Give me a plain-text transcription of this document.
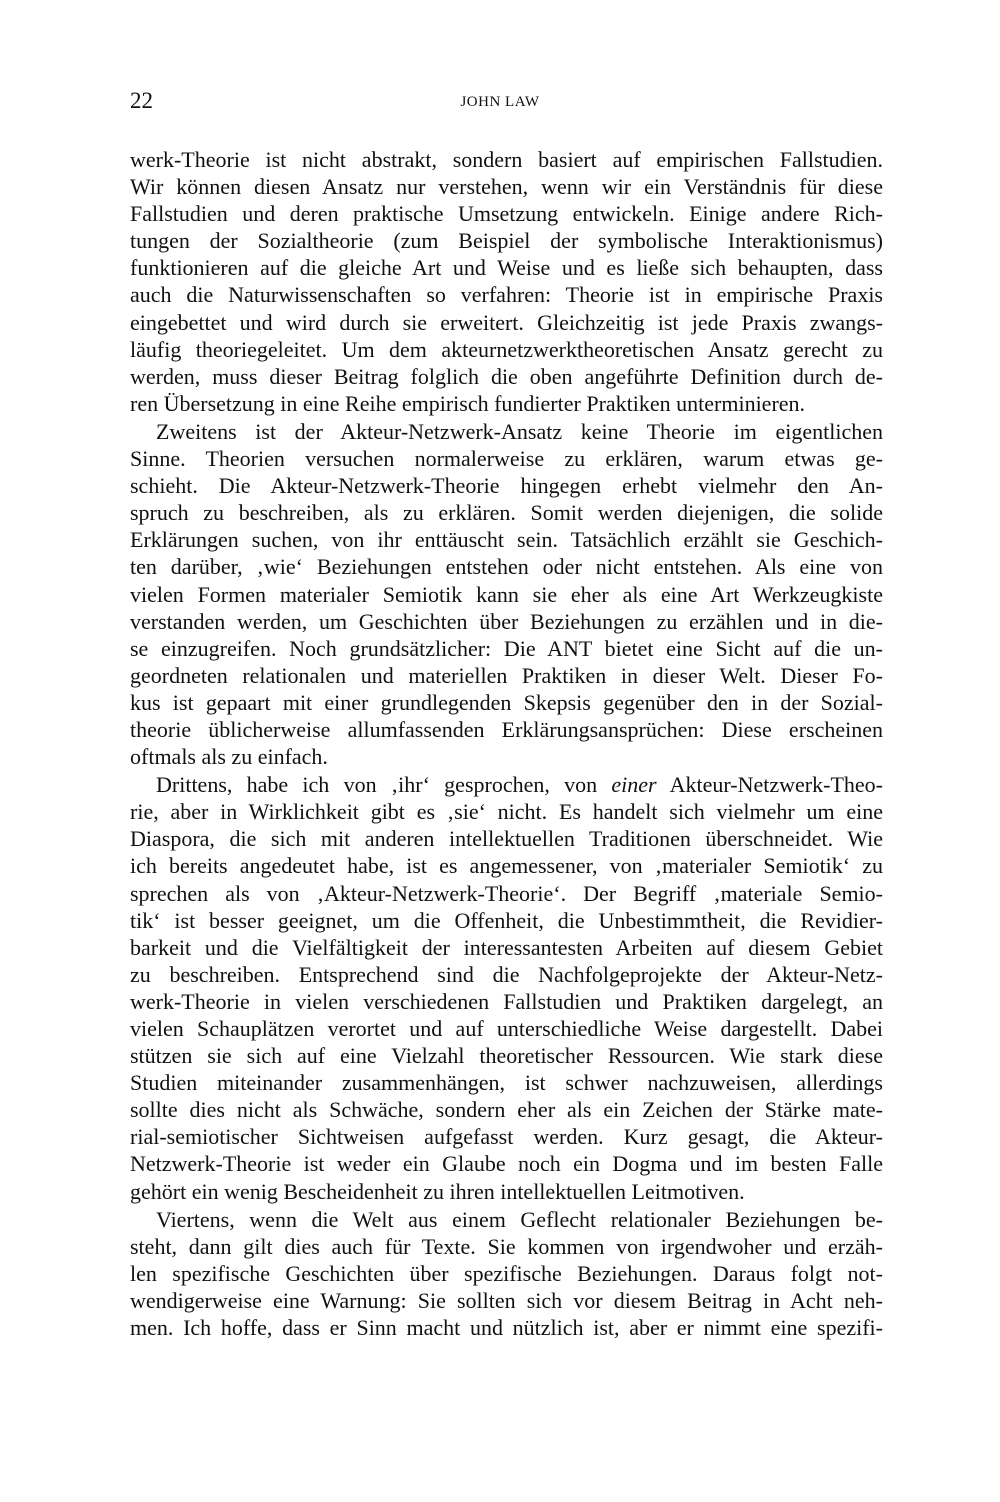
22	JOHN LAW

werk-Theorie ist nicht abstrakt, sondern basiert auf empirischen Fallstudien.
Wir können diesen Ansatz nur verstehen, wenn wir ein Verständnis für diese
Fallstudien und deren praktische Umsetzung entwickeln. Einige andere Rich-
tungen der Sozialtheorie (zum Beispiel der symbolische Interaktionismus)
funktionieren auf die gleiche Art und Weise und es ließe sich behaupten, dass
auch die Naturwissenschaften so verfahren: Theorie ist in empirische Praxis
eingebettet und wird durch sie erweitert. Gleichzeitig ist jede Praxis zwangs-
läufig theoriegeleitet. Um dem akteurnetzwerktheoretischen Ansatz gerecht zu
werden, muss dieser Beitrag folglich die oben angeführte Definition durch de-
ren Übersetzung in eine Reihe empirisch fundierter Praktiken unterminieren.

Zweitens ist der Akteur-Netzwerk-Ansatz keine Theorie im eigentlichen
Sinne. Theorien versuchen normalerweise zu erklären, warum etwas ge-
schieht. Die Akteur-Netzwerk-Theorie hingegen erhebt vielmehr den An-
spruch zu beschreiben, als zu erklären. Somit werden diejenigen, die solide
Erklärungen suchen, von ihr enttäuscht sein. Tatsächlich erzählt sie Geschich-
ten darüber, ‚wie‘ Beziehungen entstehen oder nicht entstehen. Als eine von
vielen Formen materialer Semiotik kann sie eher als eine Art Werkzeugkiste
verstanden werden, um Geschichten über Beziehungen zu erzählen und in die-
se einzugreifen. Noch grundsätzlicher: Die ANT bietet eine Sicht auf die un-
geordneten relationalen und materiellen Praktiken in dieser Welt. Dieser Fo-
kus ist gepaart mit einer grundlegenden Skepsis gegenüber den in der Sozial-
theorie üblicherweise allumfassenden Erklärungsansprüchen: Diese erscheinen
oftmals als zu einfach.

Drittens, habe ich von ‚ihr‘ gesprochen, von einer Akteur-Netzwerk-Theo-
rie, aber in Wirklichkeit gibt es ‚sie‘ nicht. Es handelt sich vielmehr um eine
Diaspora, die sich mit anderen intellektuellen Traditionen überschneidet. Wie
ich bereits angedeutet habe, ist es angemessener, von ‚materialer Semiotik‘ zu
sprechen als von ‚Akteur-Netzwerk-Theorie‘. Der Begriff ‚materiale Semio-
tik‘ ist besser geeignet, um die Offenheit, die Unbestimmtheit, die Revidier-
barkeit und die Vielfältigkeit der interessantesten Arbeiten auf diesem Gebiet
zu beschreiben. Entsprechend sind die Nachfolgeprojekte der Akteur-Netz-
werk-Theorie in vielen verschiedenen Fallstudien und Praktiken dargelegt, an
vielen Schauplätzen verortet und auf unterschiedliche Weise dargestellt. Dabei
stützen sie sich auf eine Vielzahl theoretischer Ressourcen. Wie stark diese
Studien miteinander zusammenhängen, ist schwer nachzuweisen, allerdings
sollte dies nicht als Schwäche, sondern eher als ein Zeichen der Stärke mate-
rial-semiotischer Sichtweisen aufgefasst werden. Kurz gesagt, die Akteur-
Netzwerk-Theorie ist weder ein Glaube noch ein Dogma und im besten Falle
gehört ein wenig Bescheidenheit zu ihren intellektuellen Leitmotiven.

Viertens, wenn die Welt aus einem Geflecht relationaler Beziehungen be-
steht, dann gilt dies auch für Texte. Sie kommen von irgendwoher und erzäh-
len spezifische Geschichten über spezifische Beziehungen. Daraus folgt not-
wendigerweise eine Warnung: Sie sollten sich vor diesem Beitrag in Acht neh-
men. Ich hoffe, dass er Sinn macht und nützlich ist, aber er nimmt eine spezifi-
